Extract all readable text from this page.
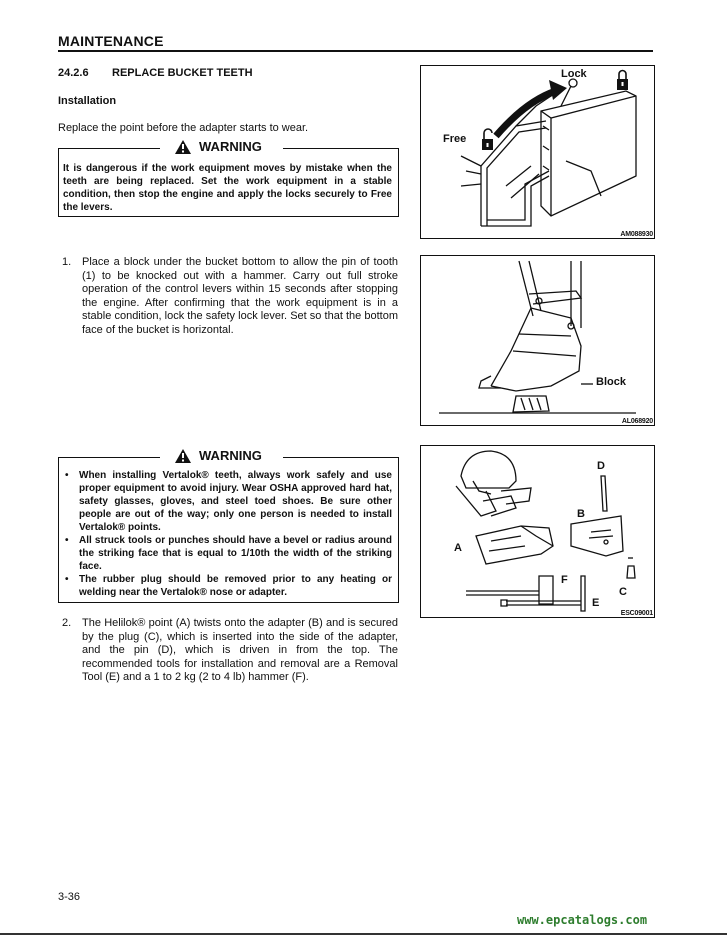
MAINTENANCE
24.2.6 REPLACE BUCKET TEETH
Installation
Replace the point before the adapter starts to wear.
WARNING
It is dangerous if the work equipment moves by mistake when the teeth are being replaced. Set the work equipment in a stable condition, then stop the engine and apply the locks securely to Free the levers.
1. Place a block under the bucket bottom to allow the pin of tooth (1) to be knocked out with a hammer. Carry out full stroke operation of the control levers within 15 seconds after stopping the engine. After confirming that the work equipment is in a stable condition, lock the safety lock lever. Set so that the bottom face of the bucket is horizontal.
WARNING
• When installing Vertalok® teeth, always work safely and use proper equipment to avoid injury. Wear OSHA approved hard hat, safety glasses, gloves, and steel toed shoes. Be sure other people are out of the way; only one person is needed to install Vertalok® points.
• All struck tools or punches should have a bevel or radius around the striking face that is equal to 1/10th the width of the striking face.
• The rubber plug should be removed prior to any heating or welding near the Vertalok® nose or adapter.
2. The Helilok® point (A) twists onto the adapter (B) and is secured by the plug (C), which is inserted into the side of the adapter, and the pin (D), which is driven in from the top. The recommended tools for installation and removal are a Removal Tool (E) and a 1 to 2 kg (2 to 4 lb) hammer (F).
Lock
Free
AM088930
Block
AL068920
D
B
A
F
C
E
ESC09001
3-36
www.epcatalogs.com
